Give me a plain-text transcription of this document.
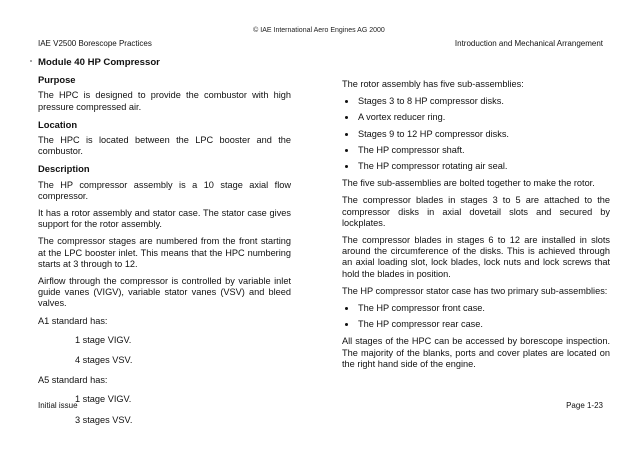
© IAE International Aero Engines AG 2000
IAE V2500 Borescope Practices	Introduction and Mechanical Arrangement
Module 40 HP Compressor
Purpose

The HPC is designed to provide the combustor with high pressure compressed air.

Location

The HPC is located between the LPC booster and the combustor.

Description

The HP compressor assembly is a 10 stage axial flow compressor.

It has a rotor assembly and stator case. The stator case gives support for the rotor assembly.

The compressor stages are numbered from the front starting at the LPC booster inlet. This means that the HPC numbering starts at 3 through to 12.

Airflow through the compressor is controlled by variable inlet guide vanes (VIGV), variable stator vanes (VSV) and bleed valves.

A1 standard has:
1 stage VIGV.
4 stages VSV.
A5 standard has:
1 stage VIGV.
3 stages VSV.

The rotor assembly has five sub-assemblies:

Stages 3 to 8 HP compressor disks.
A vortex reducer ring.
Stages 9 to 12 HP compressor disks.
The HP compressor shaft.
The HP compressor rotating air seal.

The five sub-assemblies are bolted together to make the rotor.

The compressor blades in stages 3 to 5 are attached to the compressor disks in axial dovetail slots and secured by lockplates.

The compressor blades in stages 6 to 12 are installed in slots around the circumference of the disks. This is achieved through an axial loading slot, lock blades, lock nuts and lock screws that hold the blades in position.

The HP compressor stator case has two primary sub-assemblies:

The HP compressor front case.
The HP compressor rear case.

All stages of the HPC can be accessed by borescope inspection. The majority of the blanks, ports and cover plates are located on the right hand side of the engine.

Initial issue	Page 1-23
